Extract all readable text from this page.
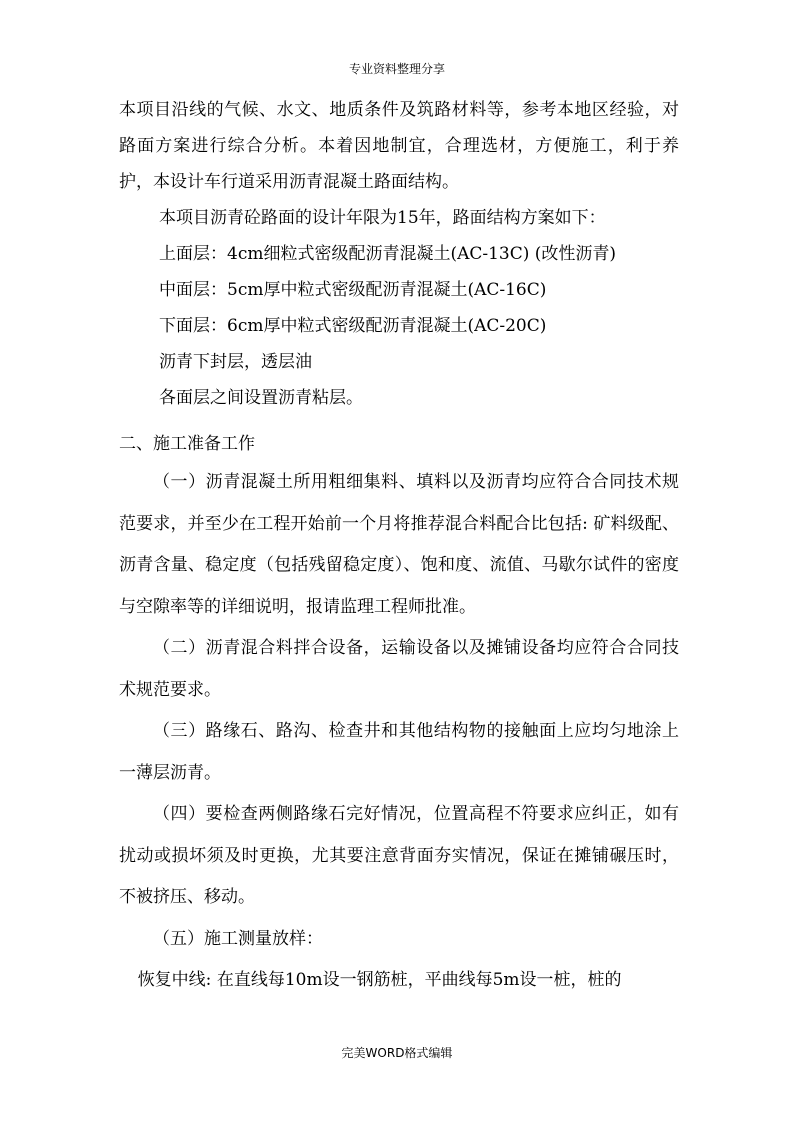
专业资料整理分享

本项目沿线的气候、水文、地质条件及筑路材料等，参考本地区经验，对路面方案进行综合分析。本着因地制宜，合理选材，方便施工，利于养护，本设计车行道采用沥青混凝土路面结构。

本项目沥青砼路面的设计年限为15年，路面结构方案如下：

上面层：4cm细粒式密级配沥青混凝土(AC-13C) (改性沥青)

中面层：5cm厚中粒式密级配沥青混凝土(AC-16C)

下面层：6cm厚中粒式密级配沥青混凝土(AC-20C)

沥青下封层，透层油

各面层之间设置沥青粘层。

二、施工准备工作

（一）沥青混凝土所用粗细集料、填料以及沥青均应符合合同技术规范要求，并至少在工程开始前一个月将推荐混合料配合比包括: 矿料级配、沥青含量、稳定度（包括残留稳定度）、饱和度、流值、马歇尔试件的密度与空隙率等的详细说明，报请监理工程师批准。

（二）沥青混合料拌合设备，运输设备以及摊铺设备均应符合合同技术规范要求。

（三）路缘石、路沟、检查井和其他结构物的接触面上应均匀地涂上一薄层沥青。

（四）要检查两侧路缘石完好情况，位置高程不符要求应纠正，如有扰动或损坏须及时更换，尤其要注意背面夯实情况，保证在摊铺碾压时，不被挤压、移动。

（五）施工测量放样：

恢复中线: 在直线每10m设一钢筋桩，平曲线每5m设一桩，桩的

完美WORD格式编辑
